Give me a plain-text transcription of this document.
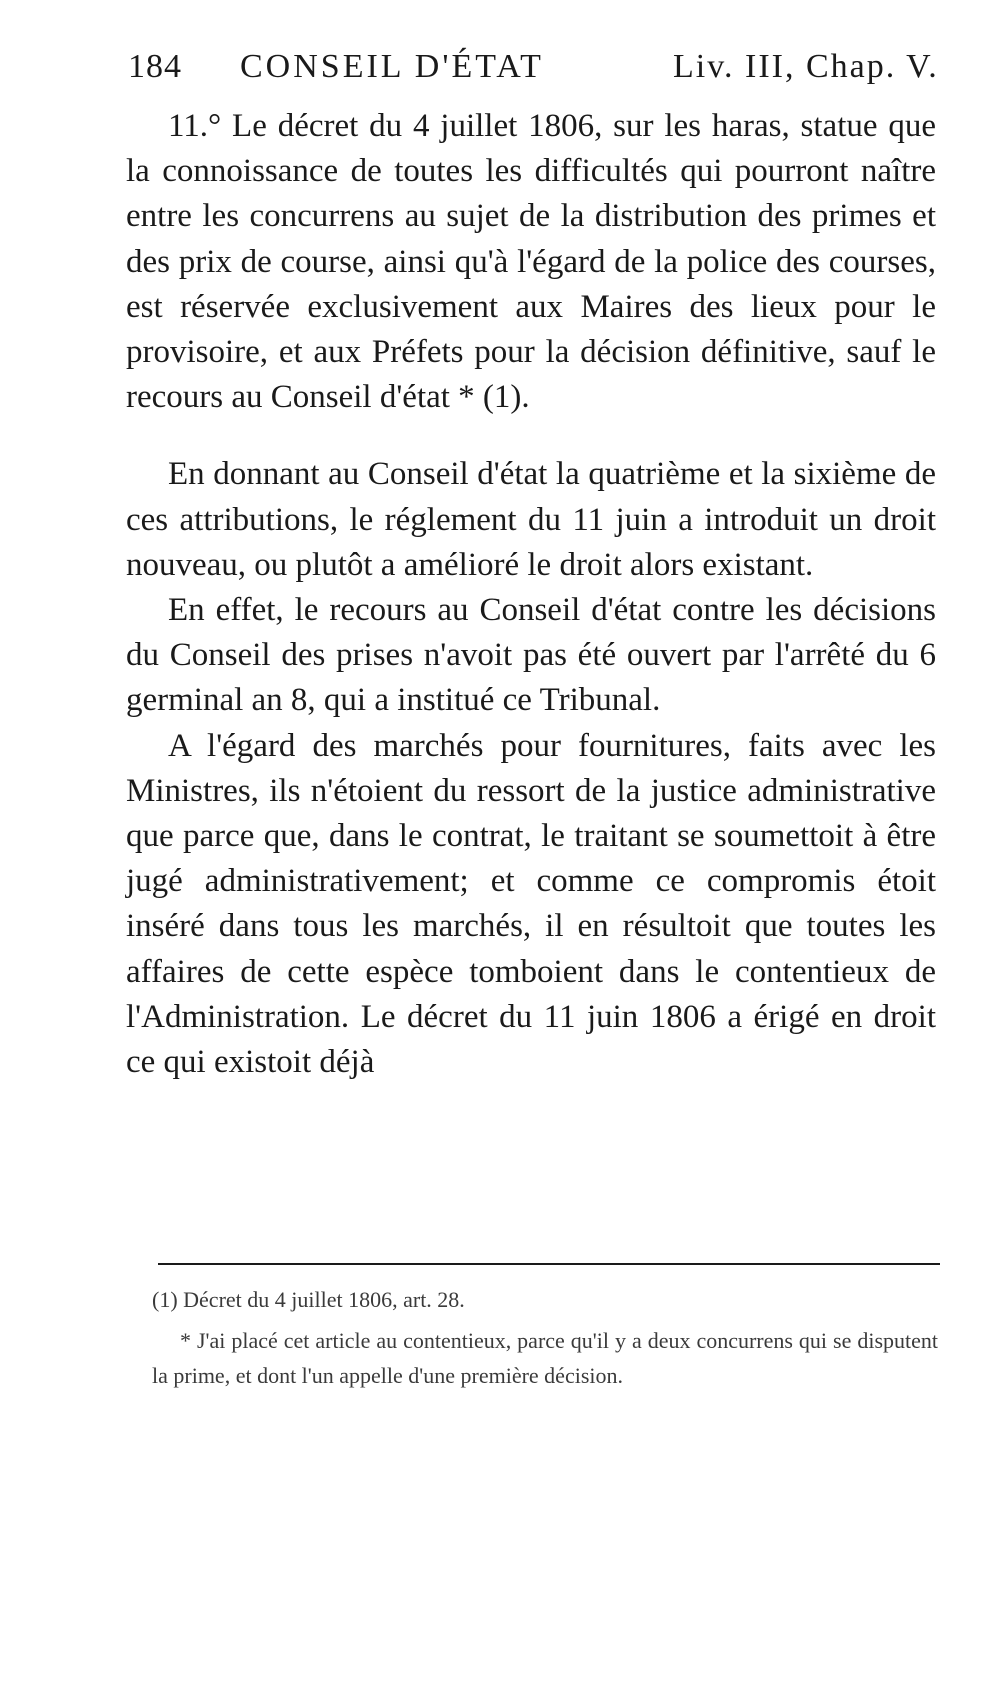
184 CONSEIL D'ÉTAT	Liv. III, Chap. V.

11.° Le décret du 4 juillet 1806, sur les haras, statue que la connoissance de toutes les difficultés qui pourront naître entre les concurrens au sujet de la distribution des primes et des prix de course, ainsi qu'à l'égard de la police des courses, est réservée exclusivement aux Maires des lieux pour le provisoire, et aux Préfets pour la décision définitive, sauf le recours au Conseil d'état * (1).

En donnant au Conseil d'état la quatrième et la sixième de ces attributions, le réglement du 11 juin a introduit un droit nouveau, ou plutôt a amélioré le droit alors existant.

En effet, le recours au Conseil d'état contre les décisions du Conseil des prises n'avoit pas été ouvert par l'arrêté du 6 germinal an 8, qui a institué ce Tribunal.

A l'égard des marchés pour fournitures, faits avec les Ministres, ils n'étoient du ressort de la justice administrative que parce que, dans le contrat, le traitant se soumettoit à être jugé administrativement; et comme ce compromis étoit inséré dans tous les marchés, il en résultoit que toutes les affaires de cette espèce tomboient dans le contentieux de l'Administration. Le décret du 11 juin 1806 a érigé en droit ce qui existoit déjà

(1) Décret du 4 juillet 1806, art. 28.

* J'ai placé cet article au contentieux, parce qu'il y a deux concurrens qui se disputent la prime, et dont l'un appelle d'une première décision.
